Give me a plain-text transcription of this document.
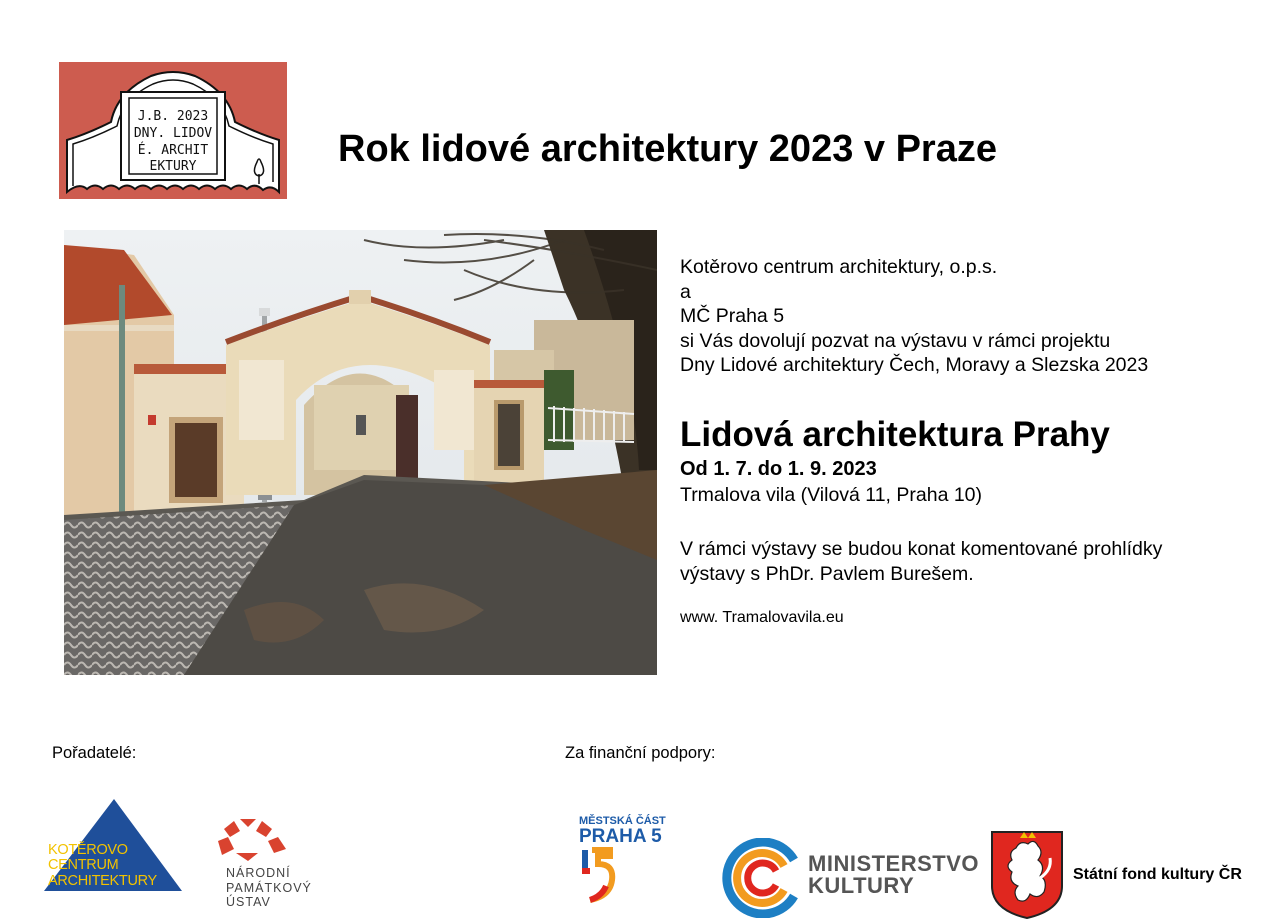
J.B. 2023
DNY. LIDOV
É. ARCHIT
EKTURY	Rok lidové architektury 2023 v Praze
Kotěrovo centrum architektury, o.p.s.
a
MČ Praha 5
si Vás dovolují pozvat na výstavu v rámci projektu
Dny Lidové architektury Čech, Moravy a Slezska 2023
Lidová architektura Prahy
Od 1. 7. do 1. 9. 2023
Trmalova vila (Vilová 11, Praha 10)
V rámci výstavy se budou konat komentované prohlídky
výstavy s PhDr. Pavlem Burešem.
www. Tramalovavila.eu
Pořadatelé:	Za finanční podpory:
KOTĚROVO
CENTRUM
ARCHITEKTURY	NÁRODNÍ
PAMÁTKOVÝ
ÚSTAV
MĚSTSKÁ ČÁST
PRAHA 5
MINISTERSTVO
KULTURY	Státní fond kultury ČR
